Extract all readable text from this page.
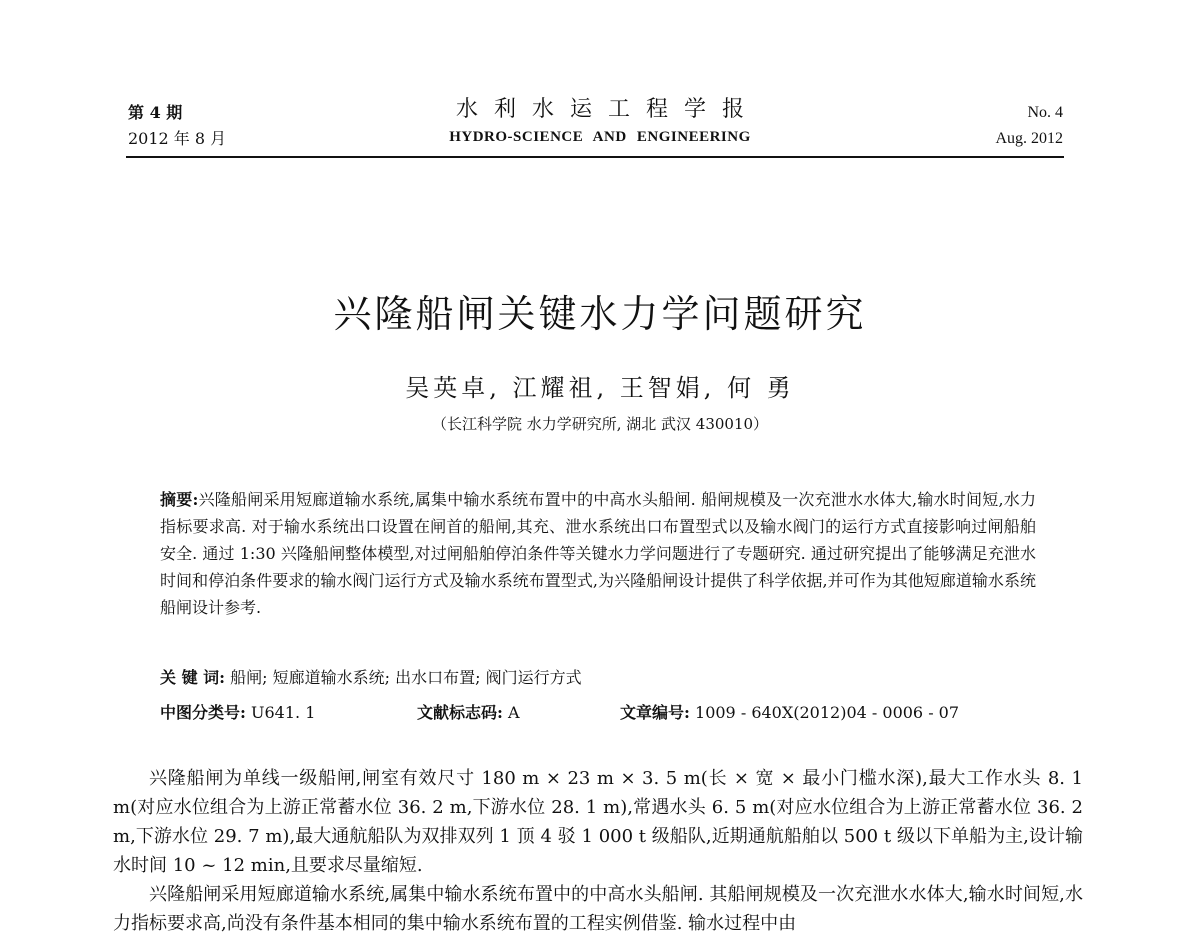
第 4 期
2012 年 8 月
水利水运工程学报
HYDRO-SCIENCE AND ENGINEERING
No. 4
Aug. 2012
兴隆船闸关键水力学问题研究
吴英卓, 江耀祖, 王智娟, 何 勇
（长江科学院 水力学研究所, 湖北 武汉 430010）
摘要:兴隆船闸采用短廊道输水系统,属集中输水系统布置中的中高水头船闸. 船闸规模及一次充泄水水体大,输水时间短,水力指标要求高. 对于输水系统出口设置在闸首的船闸,其充、泄水系统出口布置型式以及输水阀门的运行方式直接影响过闸船舶安全. 通过 1:30 兴隆船闸整体模型,对过闸船舶停泊条件等关键水力学问题进行了专题研究. 通过研究提出了能够满足充泄水时间和停泊条件要求的输水阀门运行方式及输水系统布置型式,为兴隆船闸设计提供了科学依据,并可作为其他短廊道输水系统船闸设计参考.
关 键 词: 船闸; 短廊道输水系统; 出水口布置; 阀门运行方式
中图分类号: U641. 1	文献标志码: A	文章编号: 1009 - 640X(2012)04 - 0006 - 07

兴隆船闸为单线一级船闸,闸室有效尺寸 180 m × 23 m × 3. 5 m(长 × 宽 × 最小门槛水深),最大工作水头 8. 1 m(对应水位组合为上游正常蓄水位 36. 2 m,下游水位 28. 1 m),常遇水头 6. 5 m(对应水位组合为上游正常蓄水位 36. 2 m,下游水位 29. 7 m),最大通航船队为双排双列 1 顶 4 驳 1 000 t 级船队,近期通航船舶以 500 t 级以下单船为主,设计输水时间 10 ~ 12 min,且要求尽量缩短.

兴隆船闸采用短廊道输水系统,属集中输水系统布置中的中高水头船闸. 其船闸规模及一次充泄水水体大,输水时间短,水力指标要求高,尚没有条件基本相同的集中输水系统布置的工程实例借鉴. 输水过程中由
